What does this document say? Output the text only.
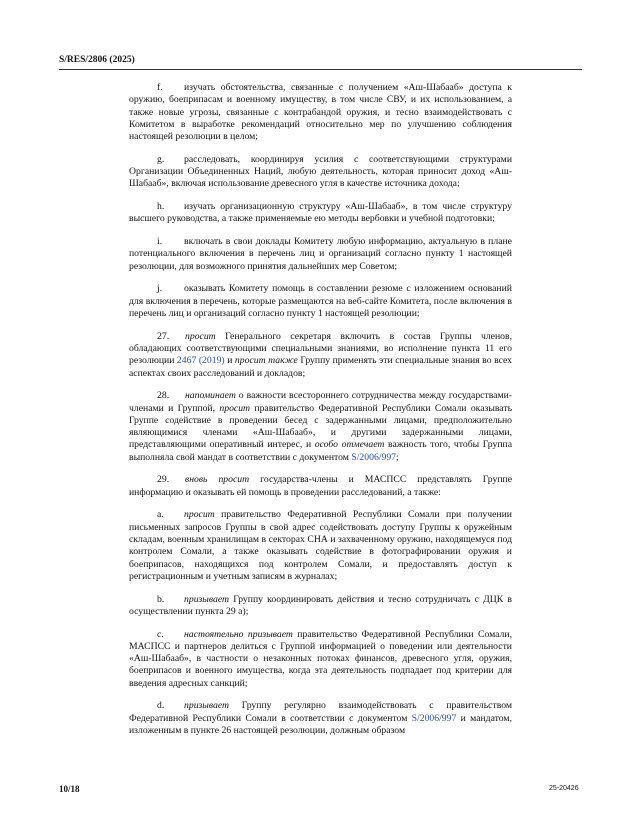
S/RES/2806 (2025)

f. изучать обстоятельства, связанные с получением «Аш-Шабааб» доступа к оружию, боеприпасам и военному имуществу, в том числе СВУ, и их использованием, а также новые угрозы, связанные с контрабандой оружия, и тесно взаимодействовать с Комитетом в выработке рекомендаций относительно мер по улучшению соблюдения настоящей резолюции в целом;

g. расследовать, координируя усилия с соответствующими структурами Организации Объединенных Наций, любую деятельность, которая приносит доход «Аш-Шабааб», включая использование древесного угля в качестве источника дохода;

h. изучать организационную структуру «Аш-Шабааб», в том числе структуру высшего руководства, а также применяемые ею методы вербовки и учебной подготовки;

i. включать в свои доклады Комитету любую информацию, актуальную в плане потенциального включения в перечень лиц и организаций согласно пункту 1 настоящей резолюции, для возможного принятия дальнейших мер Советом;

j. оказывать Комитету помощь в составлении резюме с изложением оснований для включения в перечень, которые размещаются на веб-сайте Комитета, после включения в перечень лиц и организаций согласно пункту 1 настоящей резолюции;

27. просит Генерального секретаря включить в состав Группы членов, обладающих соответствующими специальными знаниями, во исполнение пункта 11 его резолюции 2467 (2019) и просит также Группу применять эти специальные знания во всех аспектах своих расследований и докладов;

28. напоминает о важности всестороннего сотрудничества между государствами-членами и Группой, просит правительство Федеративной Республики Сомали оказывать Группе содействие в проведении бесед с задержанными лицами, предположительно являющимися членами «Аш-Шабааб», и другими задержанными лицами, представляющими оперативный интерес, и особо отмечает важность того, чтобы Группа выполняла свой мандат в соответствии с документом S/2006/997;

29. вновь просит государства-члены и МАСПСС представлять Группе информацию и оказывать ей помощь в проведении расследований, а также:

a. просит правительство Федеративной Республики Сомали при получении письменных запросов Группы в свой адрес содействовать доступу Группы к оружейным складам, военным хранилищам в секторах СНА и захваченному оружию, находящемуся под контролем Сомали, а также оказывать содействие в фотографировании оружия и боеприпасов, находящихся под контролем Сомали, и предоставлять доступ к регистрационным и учетным записям в журналах;

b. призывает Группу координировать действия и тесно сотрудничать с ДЦК в осуществлении пункта 29 а);

c. настоятельно призывает правительство Федеративной Республики Сомали, МАСПСС и партнеров делиться с Группой информацией о поведении или деятельности «Аш-Шабааб», в частности о незаконных потоках финансов, древесного угля, оружия, боеприпасов и военного имущества, когда эта деятельность подпадает под критерии для введения адресных санкций;

d. призывает Группу регулярно взаимодействовать с правительством Федеративной Республики Сомали в соответствии с документом S/2006/997 и мандатом, изложенным в пункте 26 настоящей резолюции, должным образом

10/18	25-20426
